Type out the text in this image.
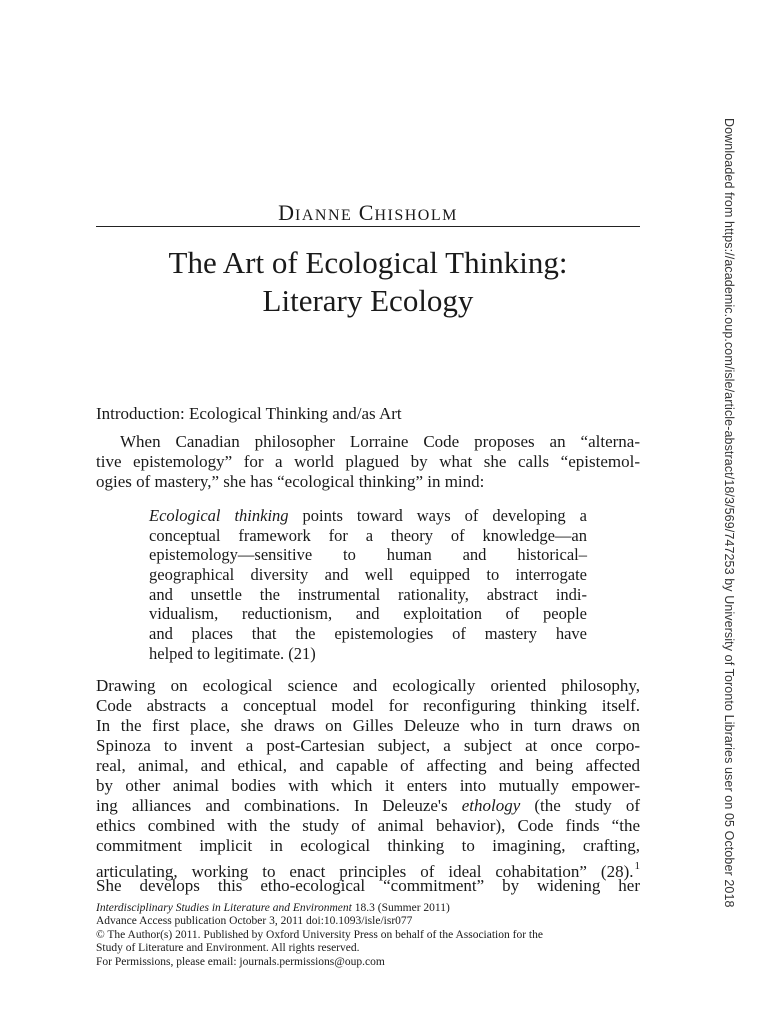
DIANNE CHISHOLM
The Art of Ecological Thinking:
Literary Ecology
Introduction: Ecological Thinking and/as Art
When Canadian philosopher Lorraine Code proposes an “alterna-
tive epistemology” for a world plagued by what she calls “epistemol-
ogies of mastery,” she has “ecological thinking” in mind:
Ecological thinking points toward ways of developing a
conceptual framework for a theory of knowledge—an
epistemology—sensitive to human and historical–
geographical diversity and well equipped to interrogate
and unsettle the instrumental rationality, abstract indi-
vidualism, reductionism, and exploitation of people
and places that the epistemologies of mastery have
helped to legitimate. (21)
Drawing on ecological science and ecologically oriented philosophy,
Code abstracts a conceptual model for reconfiguring thinking itself.
In the first place, she draws on Gilles Deleuze who in turn draws on
Spinoza to invent a post-Cartesian subject, a subject at once corpo-
real, animal, and ethical, and capable of affecting and being affected
by other animal bodies with which it enters into mutually empower-
ing alliances and combinations. In Deleuze's ethology (the study of
ethics combined with the study of animal behavior), Code finds “the
commitment implicit in ecological thinking to imagining, crafting,
articulating, working to enact principles of ideal cohabitation” (28).$^1$
She develops this etho-ecological “commitment” by widening her
Interdisciplinary Studies in Literature and Environment 18.3 (Summer 2011)
Advance Access publication October 3, 2011 doi:10.1093/isle/isr077
© The Author(s) 2011. Published by Oxford University Press on behalf of the Association for the
Study of Literature and Environment. All rights reserved.
For Permissions, please email: journals.permissions@oup.com
Downloaded from https://academic.oup.com/isle/article-abstract/18/3/569/747253 by University of Toronto Libraries user on 05 October 2018
